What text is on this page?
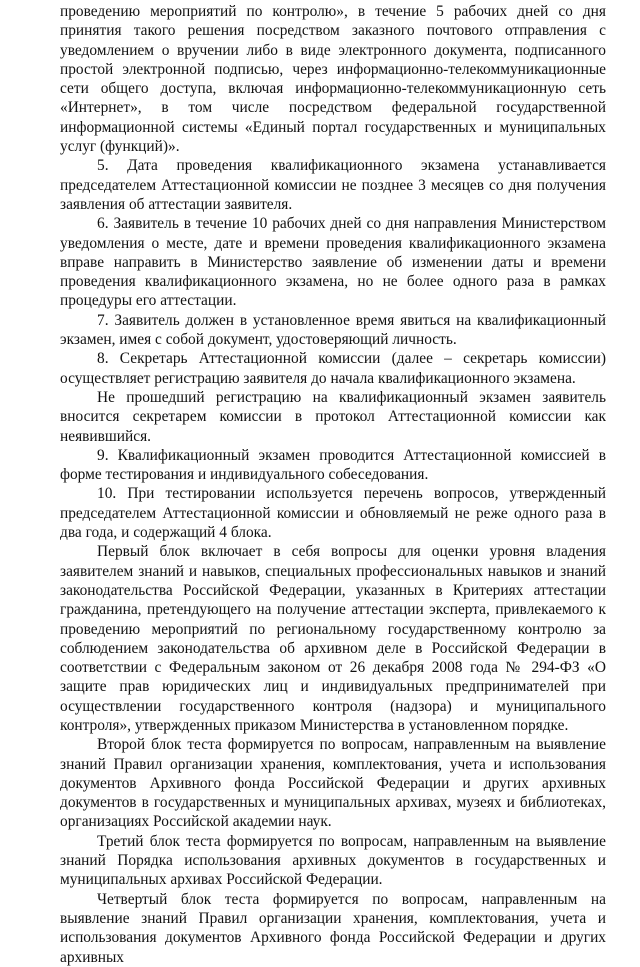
проведению мероприятий по контролю», в течение 5 рабочих дней со дня принятия такого решения посредством заказного почтового отправления с уведомлением о вручении либо в виде электронного документа, подписанного простой электронной подписью, через информационно-телекоммуникационные сети общего доступа, включая информационно-телекоммуникационную сеть «Интернет», в том числе посредством федеральной государственной информационной системы «Единый портал государственных и муниципальных услуг (функций)».

5. Дата проведения квалификационного экзамена устанавливается председателем Аттестационной комиссии не позднее 3 месяцев со дня получения заявления об аттестации заявителя.

6. Заявитель в течение 10 рабочих дней со дня направления Министерством уведомления о месте, дате и времени проведения квалификационного экзамена вправе направить в Министерство заявление об изменении даты и времени проведения квалификационного экзамена, но не более одного раза в рамках процедуры его аттестации.

7. Заявитель должен в установленное время явиться на квалификационный экзамен, имея с собой документ, удостоверяющий личность.

8. Секретарь Аттестационной комиссии (далее – секретарь комиссии) осуществляет регистрацию заявителя до начала квалификационного экзамена.

Не прошедший регистрацию на квалификационный экзамен заявитель вносится секретарем комиссии в протокол Аттестационной комиссии как неявившийся.

9. Квалификационный экзамен проводится Аттестационной комиссией в форме тестирования и индивидуального собеседования.

10. При тестировании используется перечень вопросов, утвержденный председателем Аттестационной комиссии и обновляемый не реже одного раза в два года, и содержащий 4 блока.

Первый блок включает в себя вопросы для оценки уровня владения заявителем знаний и навыков, специальных профессиональных навыков и знаний законодательства Российской Федерации, указанных в Критериях аттестации гражданина, претендующего на получение аттестации эксперта, привлекаемого к проведению мероприятий по региональному государственному контролю за соблюдением законодательства об архивном деле в Российской Федерации в соответствии с Федеральным законом от 26 декабря 2008 года № 294-ФЗ «О защите прав юридических лиц и индивидуальных предпринимателей при осуществлении государственного контроля (надзора) и муниципального контроля», утвержденных приказом Министерства в установленном порядке.

Второй блок теста формируется по вопросам, направленным на выявление знаний Правил организации хранения, комплектования, учета и использования документов Архивного фонда Российской Федерации и других архивных документов в государственных и муниципальных архивах, музеях и библиотеках, организациях Российской академии наук.

Третий блок теста формируется по вопросам, направленным на выявление знаний Порядка использования архивных документов в государственных и муниципальных архивах Российской Федерации.

Четвертый блок теста формируется по вопросам, направленным на выявление знаний Правил организации хранения, комплектования, учета и использования документов Архивного фонда Российской Федерации и других архивных
